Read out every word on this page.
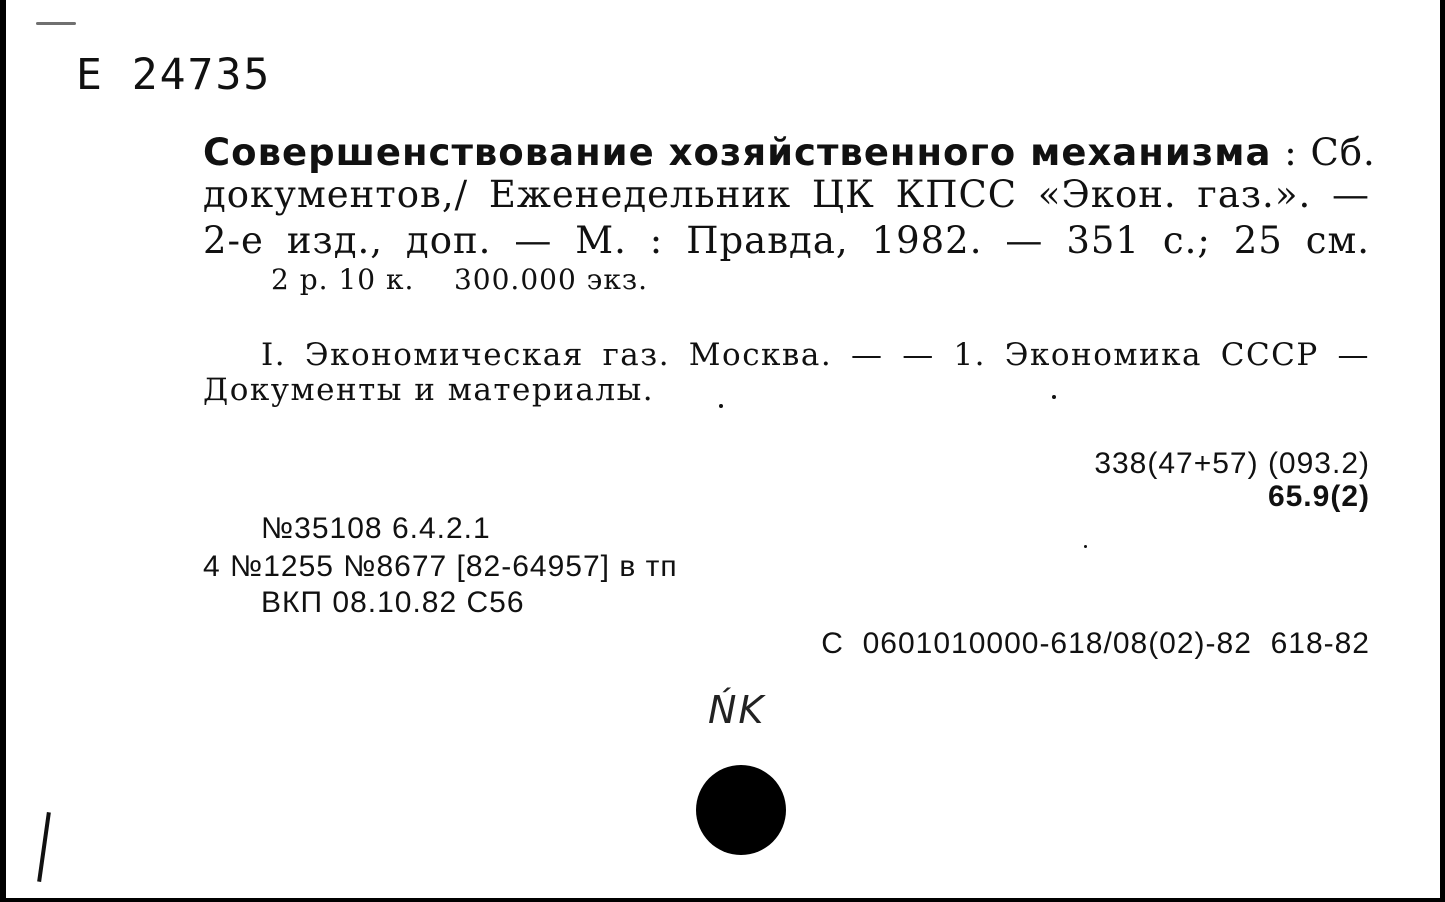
Е 24735
Совершенствование хозяйственного механизма : Сб.
документов,/ Еженедельник ЦК КПСС «Экон. газ.». —
2-е изд., доп. — М. : Правда, 1982. — 351 с.; 25 см.
2 р. 10 к.    300.000 экз.
I. Экономическая газ. Москва. — — 1. Экономика СССР —
Документы и материалы.
338(47+57) (093.2)
65.9(2)
№35108 6.4.2.1
4 №1255 №8677 [82-64957] в тп
ВКП 08.10.82 С56
С  0601010000-618/08(02)-82  618-82
ŃK
